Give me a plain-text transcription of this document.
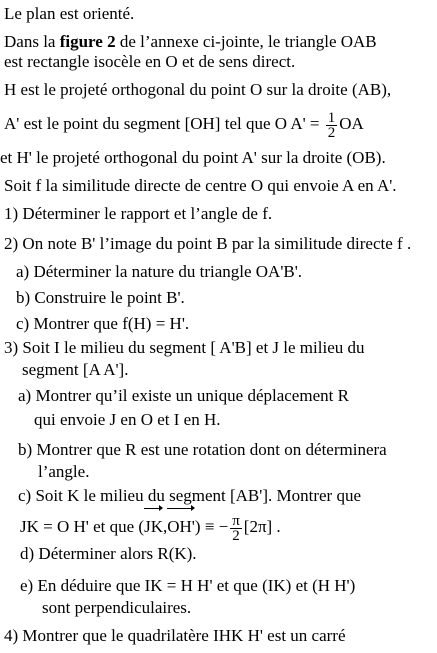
Le plan est orienté.
Dans la figure 2 de l’annexe ci-jointe, le triangle OAB
est rectangle isocèle en O et de sens direct.
H est le projeté orthogonal du point O sur la droite (AB),
A' est le point du segment [OH] tel que O $A' = \frac{1}{2}$ OA
et H' le projeté orthogonal du point A' sur la droite (OB).
Soit f la similitude directe de centre O qui envoie A en A'.
1) Déterminer le rapport et l’angle de f.
2) On note B' l’image du point B par la similitude directe f .
a) Déterminer la nature du triangle OA'B'.
b) Construire le point B'.
c) Montrer que f(H) = H'.
3) Soit I le milieu du segment [ A'B] et J le milieu du
segment [A A'].
a) Montrer qu’il existe un unique déplacement R
qui envoie J en O et I en H.
b) Montrer que R est une rotation dont on déterminera
l’angle.
c) Soit K le milieu du segment [AB']. Montrer que
JK = O H' et que (JK,OH') ≡ − $\frac{\pi}{2} [2\pi]$ .
d) Déterminer alors R(K).
e) En déduire que IK = H H' et que (IK) et (H H')
sont perpendiculaires.
4) Montrer que le quadrilatère IHK H' est un carré
